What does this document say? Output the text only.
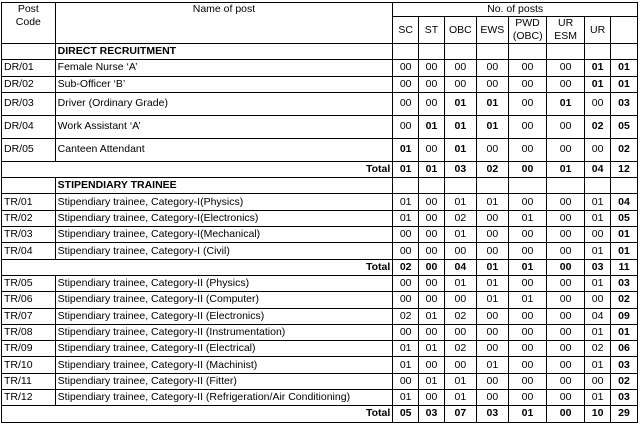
Post Code	Name of post	No. of posts							
		SC	ST	OBC	EWS	PWD (OBC)	UR ESM	UR	

	DIRECT RECRUITMENT								
DR/01	Female Nurse ‘A’	00	00	00	00	00	00	01	01
DR/02	Sub-Officer ‘B’	00	00	00	00	00	00	01	01
DR/03	Driver (Ordinary Grade)	00	00	01	01	00	01	00	03
DR/04	Work Assistant ‘A’	00	01	01	01	00	00	02	05
DR/05	Canteen Attendant	01	00	01	00	00	00	00	02
Total		01	01	03	02	00	01	04	12
	STIPENDIARY TRAINEE								
TR/01	Stipendiary trainee, Category-I(Physics)	01	00	01	01	00	00	01	04
TR/02	Stipendiary trainee, Category-I(Electronics)	01	00	02	00	01	00	01	05
TR/03	Stipendiary trainee, Category-I(Mechanical)	00	00	01	00	00	00	00	01
TR/04	Stipendiary trainee, Category-I (Civil)	00	00	00	00	00	00	01	01
Total		02	00	04	01	01	00	03	11
TR/05	Stipendiary trainee, Category-II (Physics)	00	00	01	01	00	00	01	03
TR/06	Stipendiary trainee, Category-II (Computer)	00	00	00	01	01	00	00	02
TR/07	Stipendiary trainee, Category-II (Electronics)	02	01	02	00	00	00	04	09
TR/08	Stipendiary trainee, Category-II (Instrumentation)	00	00	00	00	00	00	01	01
TR/09	Stipendiary trainee, Category-II (Electrical)	01	01	02	00	00	00	02	06
TR/10	Stipendiary trainee, Category-II (Machinist)	01	00	00	01	00	00	01	03
TR/11	Stipendiary trainee, Category-II (Fitter)	00	01	01	00	00	00	00	02
TR/12	Stipendiary trainee, Category-II (Refrigeration/Air Conditioning)	01	00	01	00	00	00	01	03
Total		05	03	07	03	01	00	10	29
